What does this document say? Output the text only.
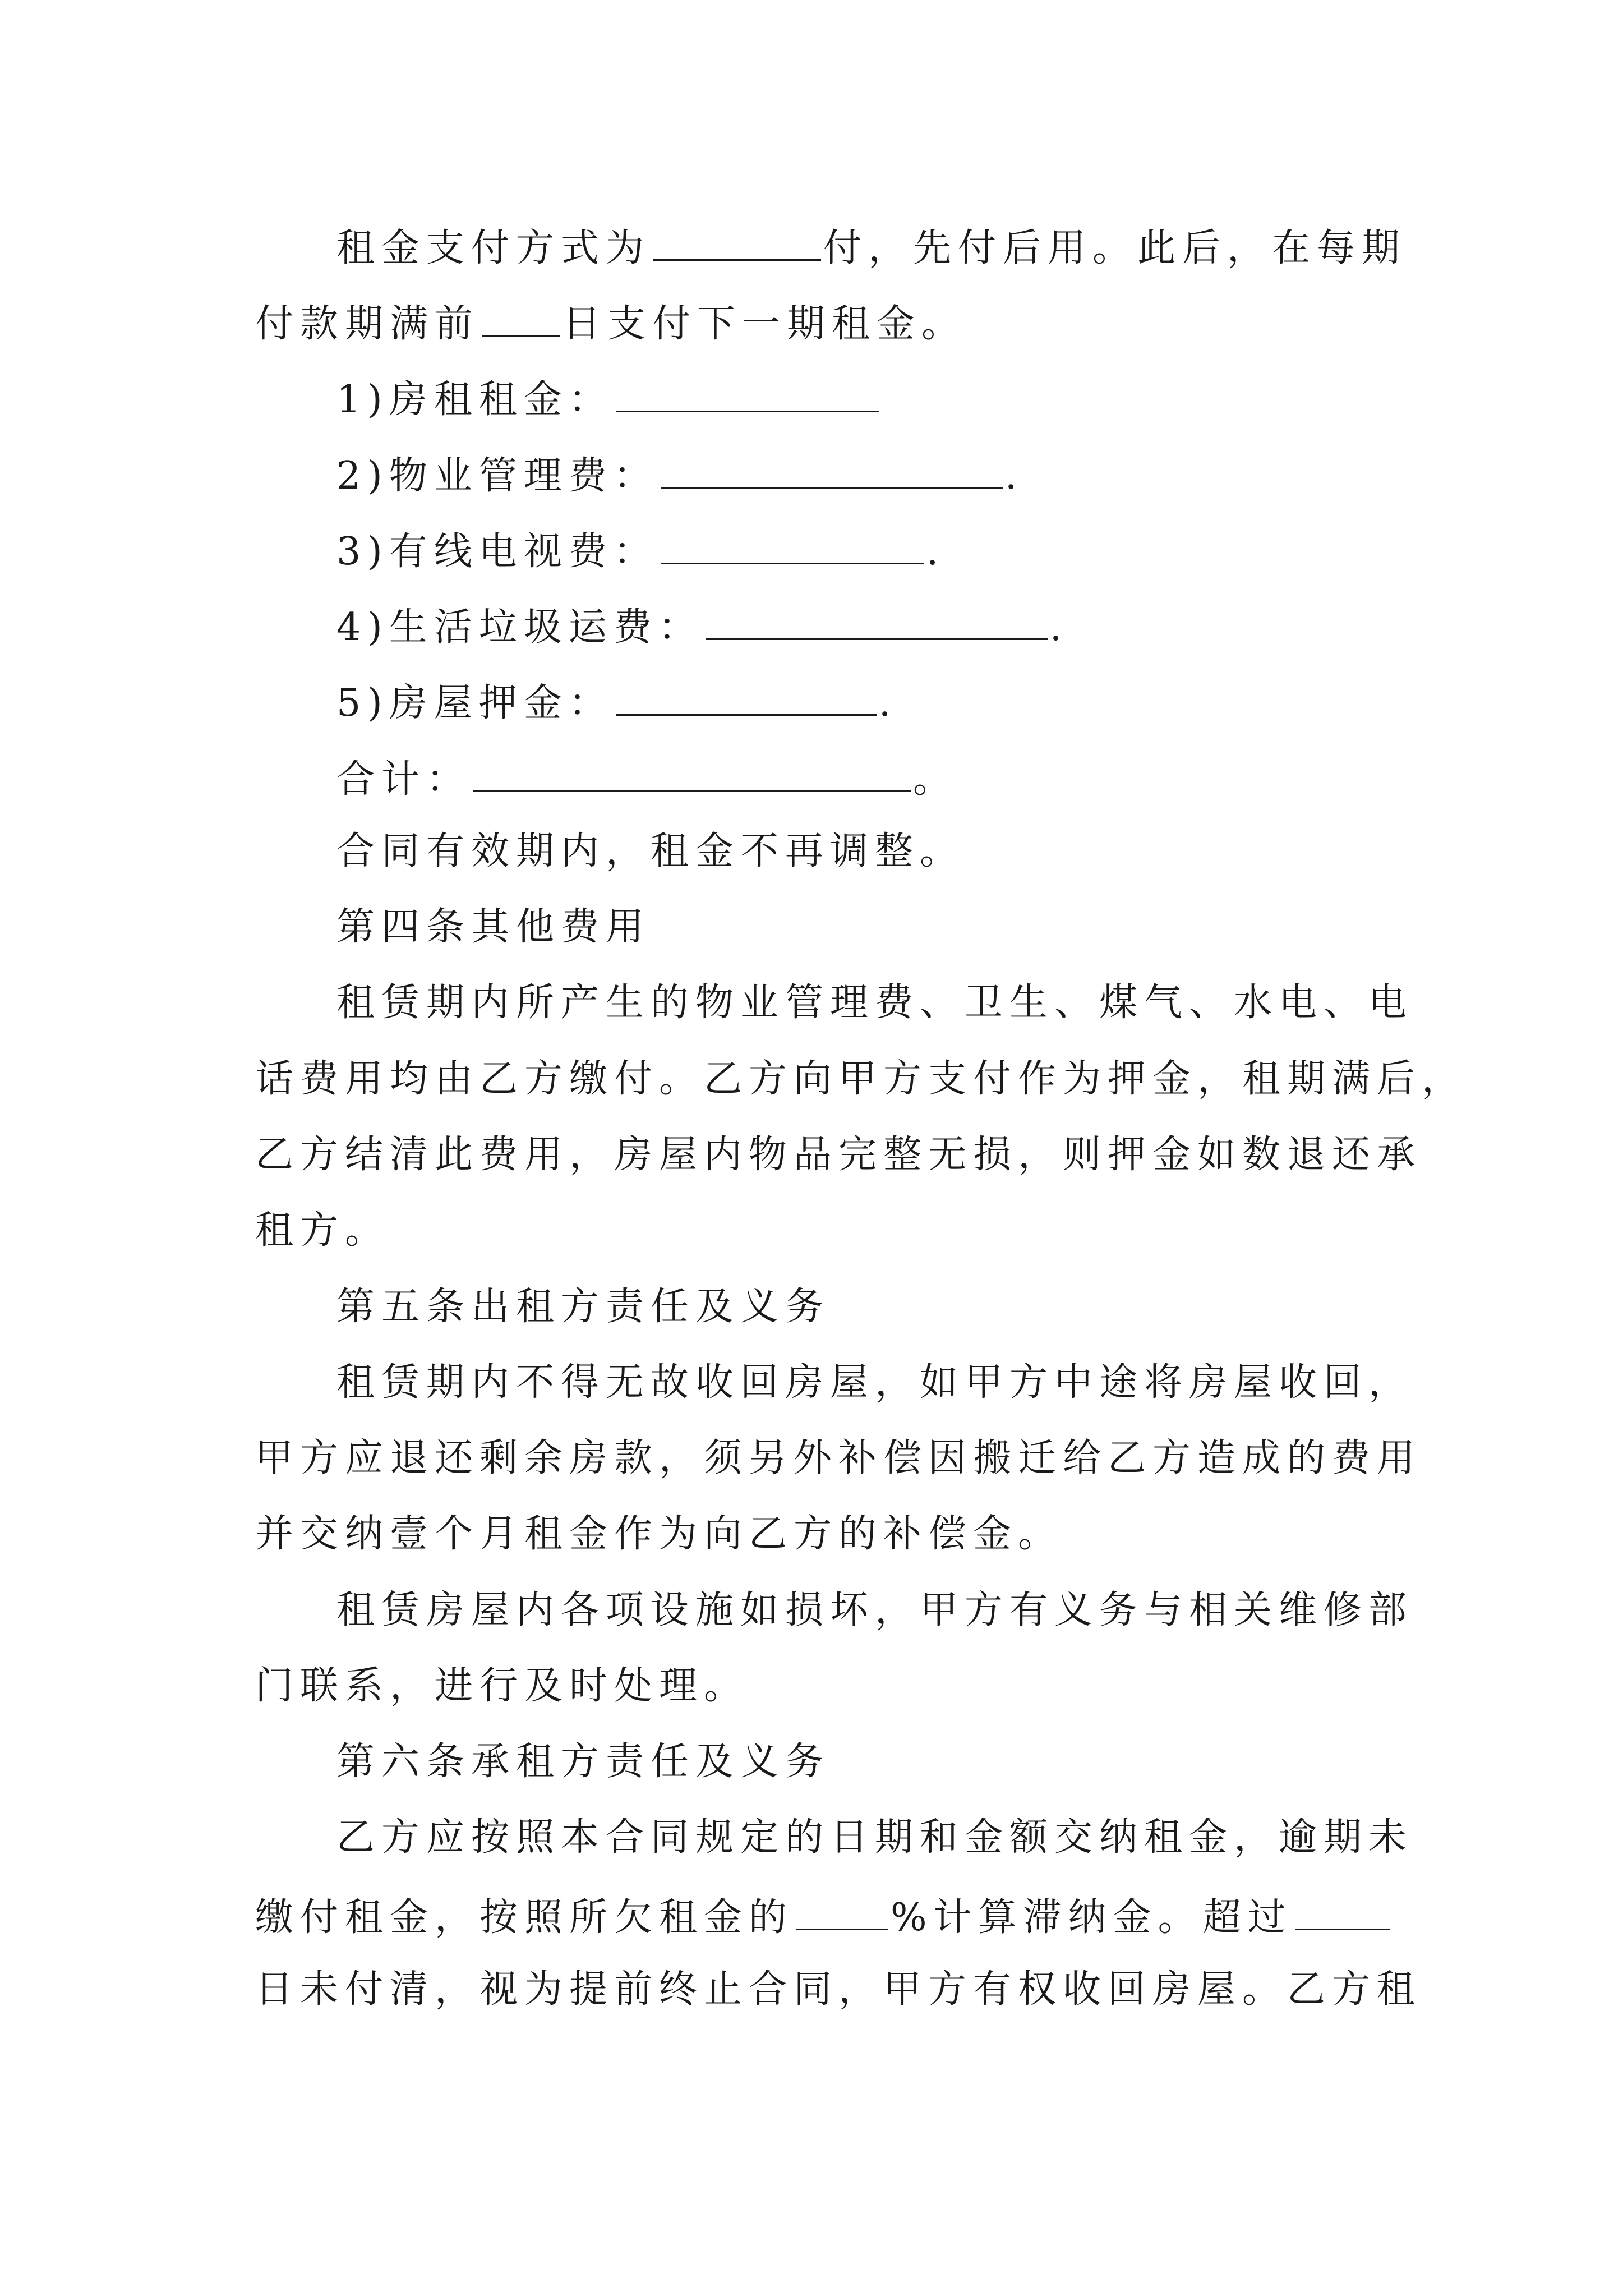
租金支付方式为	付，先付后用。此后，在每期
付款期满前 日支付下一期租金。
1)房租租金：
2)物业管理费：	.
3)有线电视费：	.
4)生活垃圾运费：	.
5)房屋押金：	.
合计：	。
合同有效期内，租金不再调整。
第四条其他费用
租赁期内所产生的物业管理费、卫生、煤气、水电、电
话费用均由乙方缴付。乙方向甲方支付作为押金，租期满后，
乙方结清此费用，房屋内物品完整无损，则押金如数退还承
租方。
第五条出租方责任及义务
租赁期内不得无故收回房屋，如甲方中途将房屋收回，
甲方应退还剩余房款，须另外补偿因搬迁给乙方造成的费用
并交纳壹个月租金作为向乙方的补偿金。
租赁房屋内各项设施如损坏，甲方有义务与相关维修部
门联系，进行及时处理。
第六条承租方责任及义务
乙方应按照本合同规定的日期和金额交纳租金，逾期未
缴付租金，按照所欠租金的	%计算滞纳金。超过
日未付清，视为提前终止合同，甲方有权收回房屋。乙方租
